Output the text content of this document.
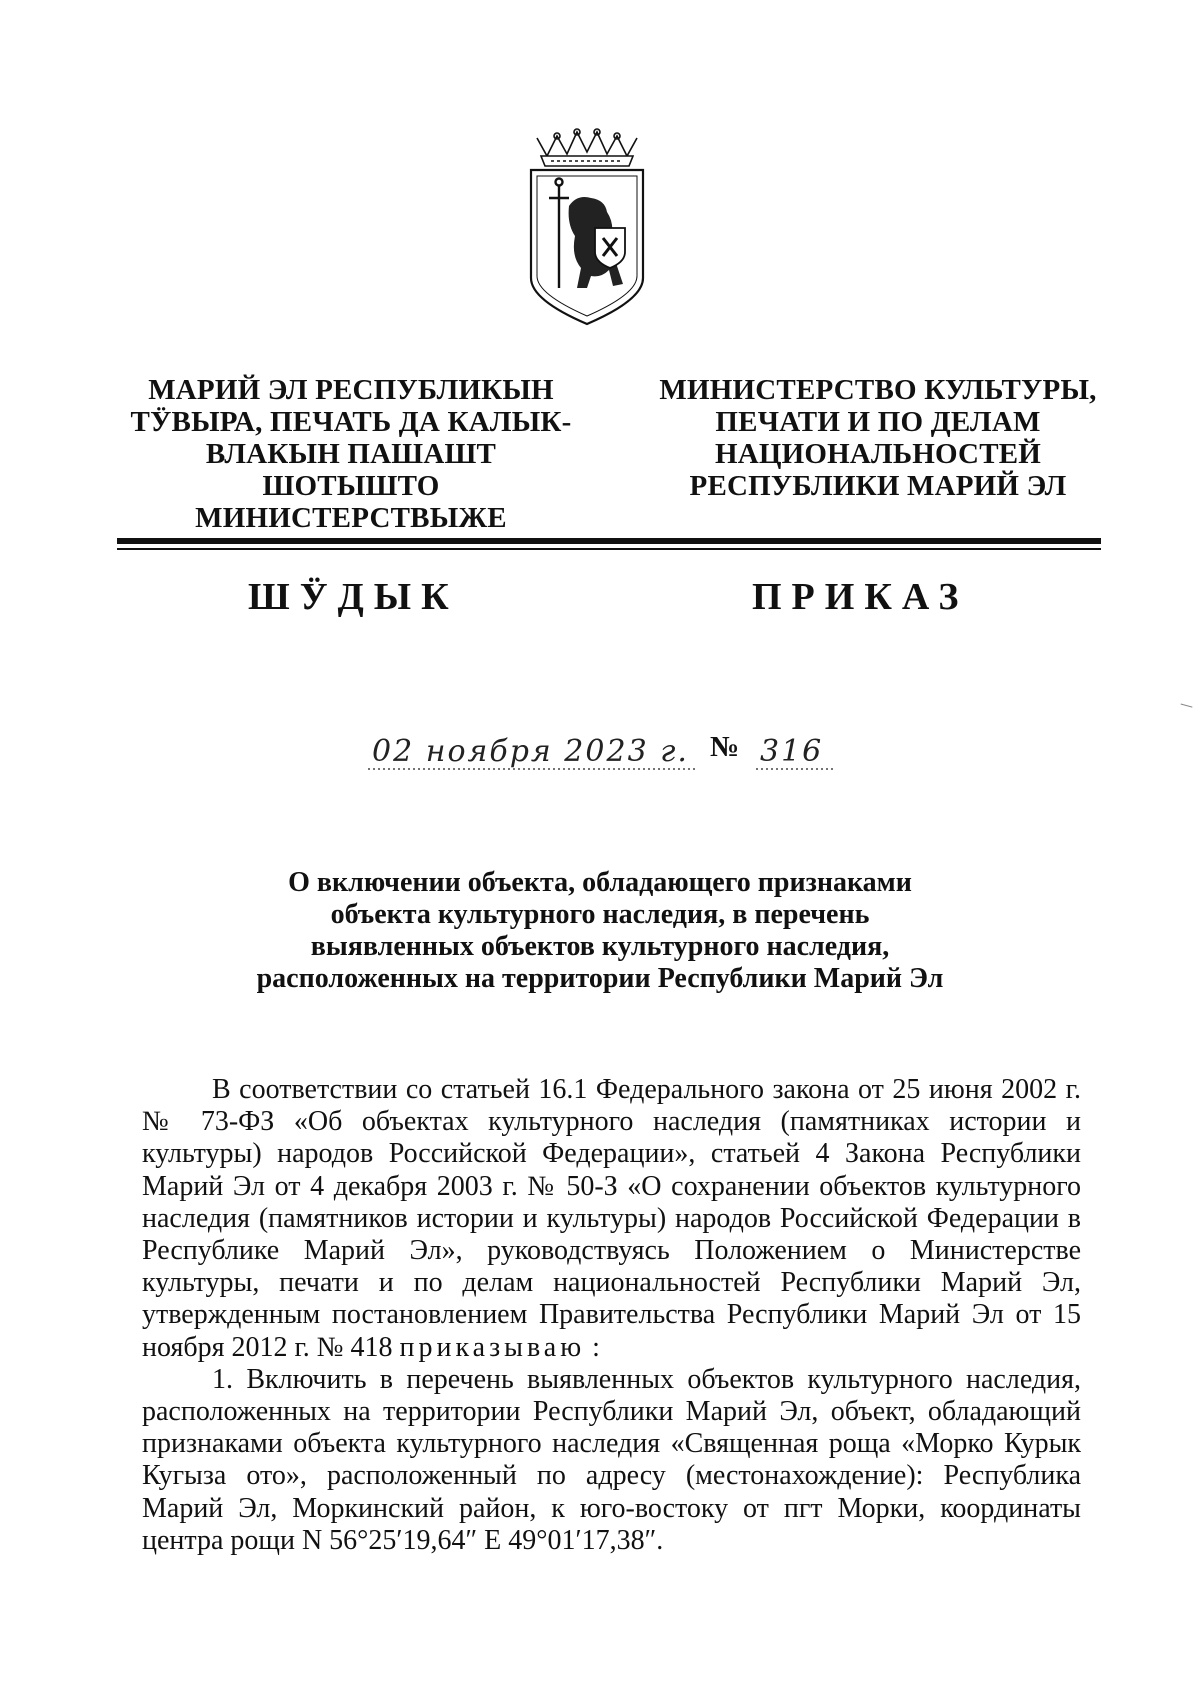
МАРИЙ ЭЛ РЕСПУБЛИКЫН
ТӰВЫРА, ПЕЧАТЬ ДА КАЛЫК-
ВЛАКЫН ПАШАШТ ШОТЫШТО
МИНИСТЕРСТВЫЖЕ
МИНИСТЕРСТВО КУЛЬТУРЫ,
ПЕЧАТИ И ПО ДЕЛАМ
НАЦИОНАЛЬНОСТЕЙ
РЕСПУБЛИКИ МАРИЙ ЭЛ
ШӰДЫК	ПРИКАЗ
02 ноября 2023 г. № 316
О включении объекта, обладающего признаками
объекта культурного наследия, в перечень
выявленных объектов культурного наследия,
расположенных на территории Республики Марий Эл

В соответствии со статьей 16.1 Федерального закона от 25 июня 2002 г. № 73-ФЗ «Об объектах культурного наследия (памятниках истории и культуры) народов Российской Федерации», статьей 4 Закона Республики Марий Эл от 4 декабря 2003 г. № 50-З «О сохранении объектов культурного наследия (памятников истории и культуры) народов Российской Федерации в Республике Марий Эл», руководствуясь Положением о Министерстве культуры, печати и по делам национальностей Республики Марий Эл, утвержденным постановлением Правительства Республики Марий Эл от 15 ноября 2012 г. № 418 приказываю :

1. Включить в перечень выявленных объектов культурного наследия, расположенных на территории Республики Марий Эл, объект, обладающий признаками объекта культурного наследия «Священная роща «Морко Курык Кугыза ото», расположенный по адресу (местонахождение): Республика Марий Эл, Моркинский район, к юго-востоку от пгт Морки, координаты центра рощи N 56°25′19,64″ E 49°01′17,38″.
